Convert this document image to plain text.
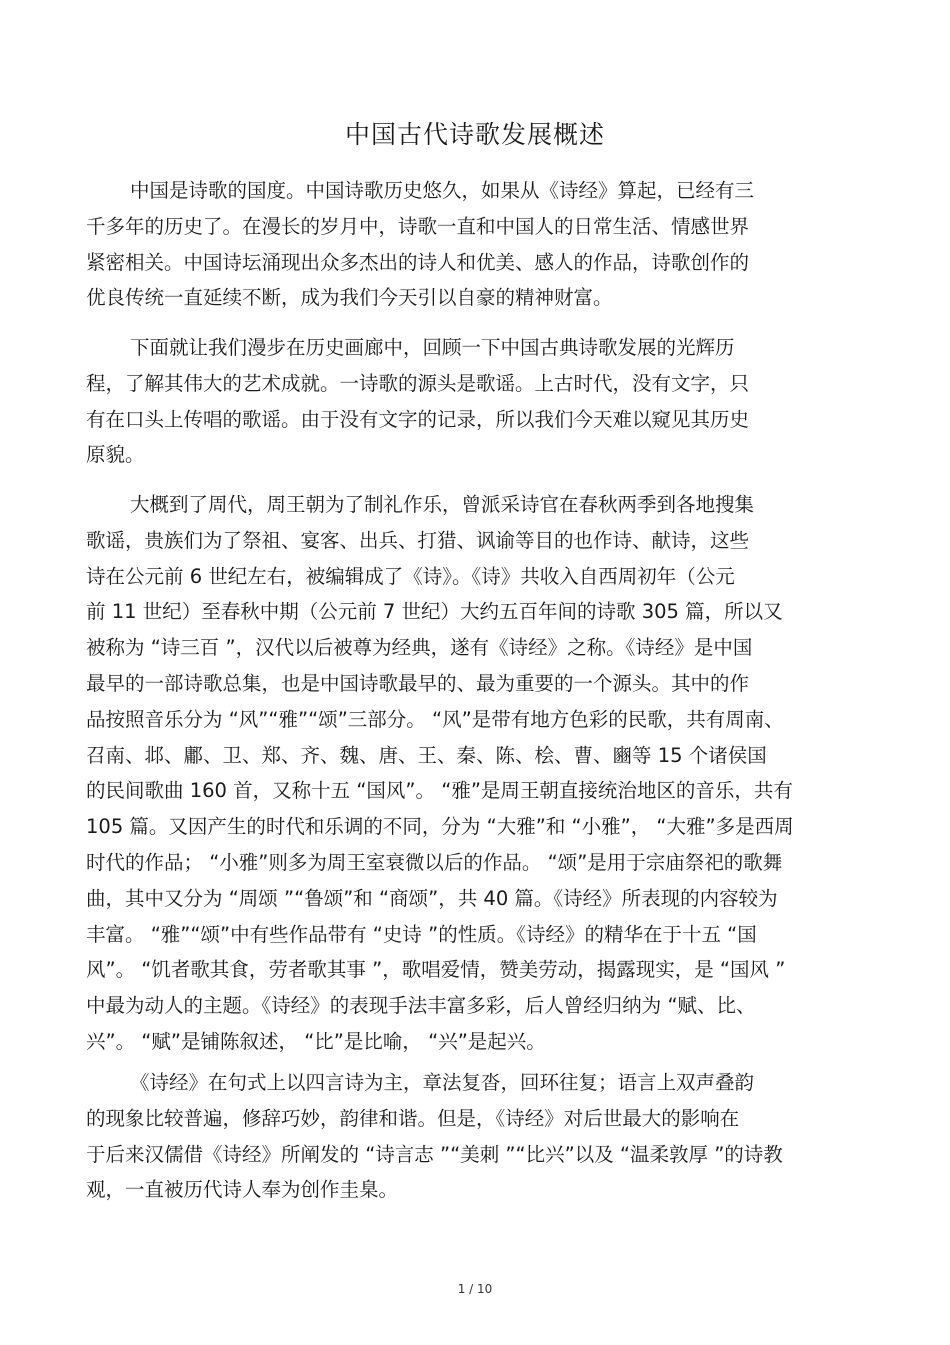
中国古代诗歌发展概述

中国是诗歌的国度。中国诗歌历史悠久，如果从《诗经》算起，已经有三
千多年的历史了。在漫长的岁月中，诗歌一直和中国人的日常生活、情感世界
紧密相关。中国诗坛涌现出众多杰出的诗人和优美、感人的作品，诗歌创作的
优良传统一直延续不断，成为我们今天引以自豪的精神财富。

下面就让我们漫步在历史画廊中，回顾一下中国古典诗歌发展的光辉历
程，了解其伟大的艺术成就。一诗歌的源头是歌谣。上古时代，没有文字，只
有在口头上传唱的歌谣。由于没有文字的记录，所以我们今天难以窥见其历史
原貌。

大概到了周代，周王朝为了制礼作乐，曾派采诗官在春秋两季到各地搜集
歌谣，贵族们为了祭祖、宴客、出兵、打猎、讽谕等目的也作诗、献诗，这些
诗在公元前 6 世纪左右，被编辑成了《诗》。《诗》共收入自西周初年（公元
前 11 世纪）至春秋中期（公元前 7 世纪）大约五百年间的诗歌 305 篇，所以又
被称为 “诗三百 ”，汉代以后被尊为经典，遂有《诗经》之称。《诗经》是中国
最早的一部诗歌总集，也是中国诗歌最早的、最为重要的一个源头。其中的作
品按照音乐分为 “风”“雅”“颂”三部分。 “风”是带有地方色彩的民歌，共有周南、
召南、邶、鄘、卫、郑、齐、魏、唐、王、秦、陈、桧、曹、豳等 15 个诸侯国
的民间歌曲 160 首，又称十五 “国风”。 “雅”是周王朝直接统治地区的音乐，共有
105 篇。又因产生的时代和乐调的不同，分为 “大雅”和 “小雅”， “大雅”多是西周
时代的作品； “小雅”则多为周王室衰微以后的作品。 “颂”是用于宗庙祭祀的歌舞
曲，其中又分为 “周颂 ”“鲁颂”和 “商颂”，共 40 篇。《诗经》所表现的内容较为
丰富。 “雅”“颂”中有些作品带有 “史诗 ”的性质。《诗经》的精华在于十五 “国
风”。 “饥者歌其食，劳者歌其事 ”，歌唱爱情，赞美劳动，揭露现实，是 “国风 ”
中最为动人的主题。《诗经》的表现手法丰富多彩，后人曾经归纳为 “赋、比、
兴”。 “赋”是铺陈叙述， “比”是比喻， “兴”是起兴。

《诗经》在句式上以四言诗为主，章法复沓，回环往复；语言上双声叠韵
的现象比较普遍，修辞巧妙，韵律和谐。但是，《诗经》对后世最大的影响在
于后来汉儒借《诗经》所阐发的 “诗言志 ”“美刺 ”“比兴”以及 “温柔敦厚 ”的诗教
观，一直被历代诗人奉为创作圭臬。

1 / 10
